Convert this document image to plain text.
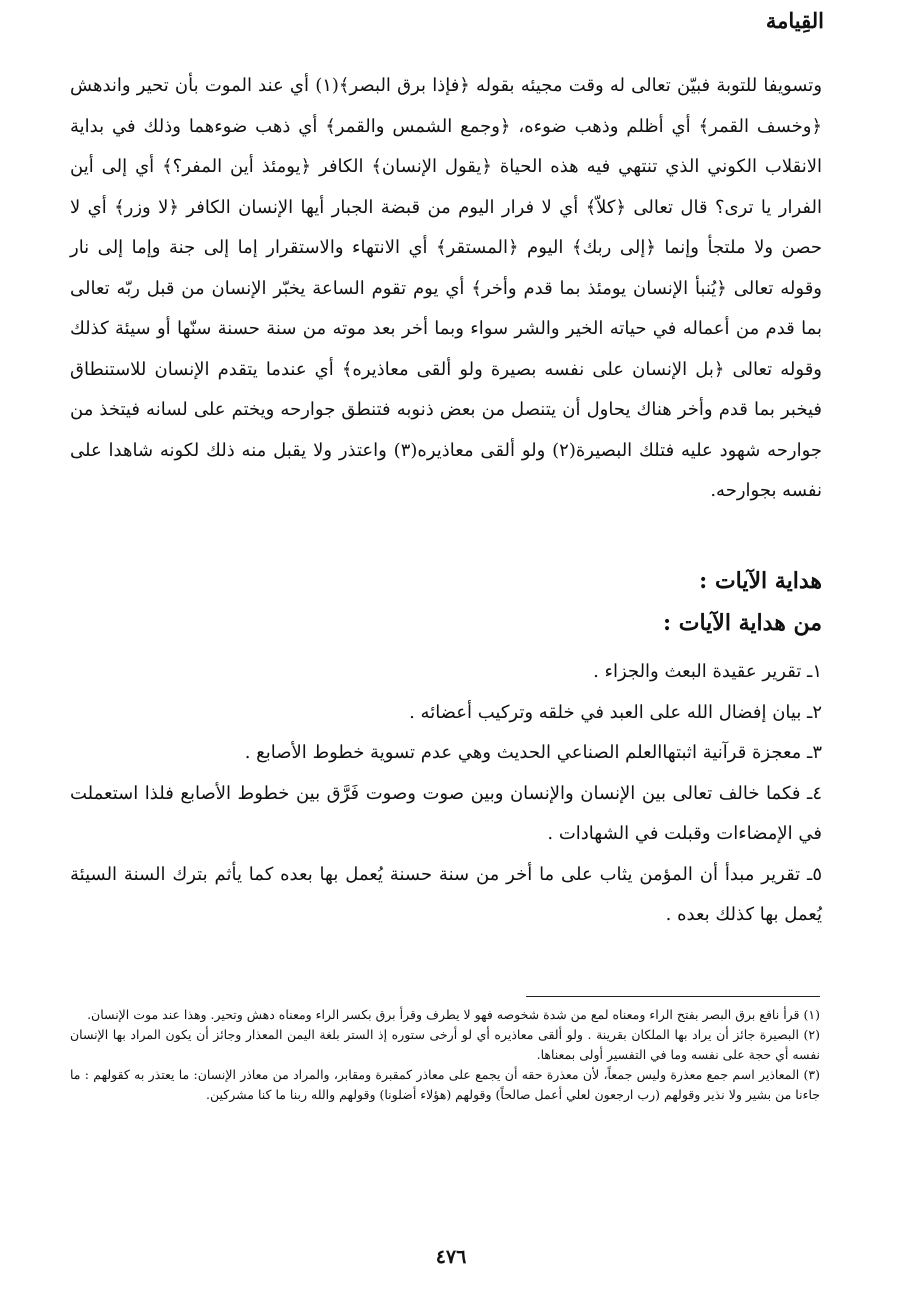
القِيامة

وتسويفا للتوبة فبيّن تعالى له وقت مجيئه بقوله ﴿فإذا برق البصر﴾(١) أي عند الموت بأن تحير واندهش ﴿وخسف القمر﴾ أي أظلم وذهب ضوءه، ﴿وجمع الشمس والقمر﴾ أي ذهب ضوءهما وذلك في بداية الانقلاب الكوني الذي تنتهي فيه هذه الحياة ﴿يقول الإنسان﴾ الكافر ﴿يومئذ أين المفر؟﴾ أي إلى أين الفرار يا ترى؟ قال تعالى ﴿كلاّ﴾ أي لا فرار اليوم من قبضة الجبار أيها الإنسان الكافر ﴿لا وزر﴾ أي لا حصن ولا ملتجأ وإنما ﴿إلى ربك﴾ اليوم ﴿المستقر﴾ أي الانتهاء والاستقرار إما إلى جنة وإما إلى نار وقوله تعالى ﴿يُنبأ الإنسان يومئذ بما قدم وأخر﴾ أي يوم تقوم الساعة يخبّر الإنسان من قبل ربّه تعالى بما قدم من أعماله في حياته الخير والشر سواء وبما أخر بعد موته من سنة حسنة سنّها أو سيئة كذلك وقوله تعالى ﴿بل الإنسان على نفسه بصيرة ولو ألقى معاذيره﴾ أي عندما يتقدم الإنسان للاستنطاق فيخبر بما قدم وأخر هناك يحاول أن يتنصل من بعض ذنوبه فتنطق جوارحه ويختم على لسانه فيتخذ من جوارحه شهود عليه فتلك البصيرة(٢) ولو ألقى معاذيره(٣) واعتذر ولا يقبل منه ذلك لكونه شاهدا على نفسه بجوارحه.

هداية الآيات :
من هداية الآيات :

١ـ تقرير عقيدة البعث والجزاء .

٢ـ بيان إفضال الله على العبد في خلقه وتركيب أعضائه .

٣ـ معجزة قرآنية اثبتهاالعلم الصناعي الحديث وهي عدم تسوية خطوط الأصابع .

٤ـ فكما خالف تعالى بين الإنسان والإنسان وبين صوت وصوت فَرَّق بين خطوط الأصابع فلذا استعملت في الإمضاءات وقبلت في الشهادات .

٥ـ تقرير مبدأ أن المؤمن يثاب على ما أخر من سنة حسنة يُعمل بها بعده كما يأثم بترك السنة السيئة يُعمل بها كذلك بعده .

(١) قرأ نافع برق البصر بفتح الراء ومعناه لمع من شدة شخوصه فهو لا يطرف وقرأ برق بكسر الراء ومعناه دهش وتحير. وهذا عند موت الإنسان.

(٢) البصيرة جائز أن يراد بها الملكان بقرينة . ولو ألقى معاذيره أي لو أرخى ستوره إذ الستر بلغة اليمن المعذار وجائز أن يكون المراد بها الإنسان نفسه أي حجة على نفسه وما في التفسير أولى بمعناها.

(٣) المعاذير اسم جمع معذرة وليس جمعاً، لأن معذرة حقه أن يجمع على معاذر كمقبرة ومقابر، والمراد من معاذر الإنسان: ما يعتذر به كقولهم : ما جاءنا من بشير ولا نذير وقولهم (رب ارجعون لعلي أعمل صالحاً) وقولهم (هؤلاء أضلونا) وقولهم والله ربنا ما كنا مشركين.

٤٧٦
